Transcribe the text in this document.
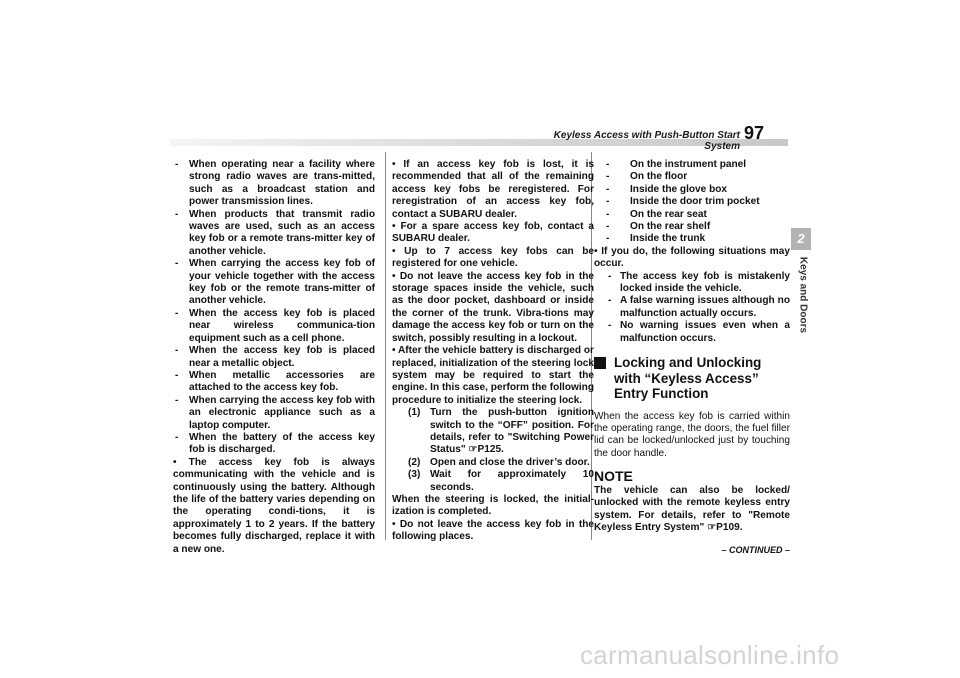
Keyless Access with Push-Button Start System
97
2
Keys and Doors
-	When operating near a facility where strong radio waves are trans-mitted, such as a broadcast station and power transmission lines.
-	When products that transmit radio waves are used, such as an access key fob or a remote trans-mitter key of another vehicle.
-	When carrying the access key fob of your vehicle together with the access key fob or the remote trans-mitter of another vehicle.
-	When the access key fob is placed near wireless communica-tion equipment such as a cell phone.
-	When the access key fob is placed near a metallic object.
-	When metallic accessories are attached to the access key fob.
-	When carrying the access key fob with an electronic appliance such as a laptop computer.
-	When the battery of the access key fob is discharged.

• The access key fob is always communicating with the vehicle and is continuously using the battery. Although the life of the battery varies depending on the operating condi-tions, it is approximately 1 to 2 years. If the battery becomes fully discharged, replace it with a new one.

• If an access key fob is lost, it is recommended that all of the remaining access key fobs be reregistered. For reregistration of an access key fob, contact a SUBARU dealer.

• For a spare access key fob, contact a SUBARU dealer.

• Up to 7 access key fobs can be registered for one vehicle.

• Do not leave the access key fob in the storage spaces inside the vehicle, such as the door pocket, dashboard or inside the corner of the trunk. Vibra-tions may damage the access key fob or turn on the switch, possibly resulting in a lockout.

• After the vehicle battery is discharged or replaced, initialization of the steering lock system may be required to start the engine. In this case, perform the following procedure to initialize the steering lock.

(1) Turn the push-button ignition switch to the “OFF” position. For details, refer to "Switching Power Status" ☞P125.
(2) Open and close the driver’s door.
(3) Wait for approximately 10 seconds.

When the steering is locked, the initial-ization is completed.

• Do not leave the access key fob in the following places.

-	On the instrument panel
-	On the floor
-	Inside the glove box
-	Inside the door trim pocket
-	On the rear seat
-	On the rear shelf
-	Inside the trunk

• If you do, the following situations may occur.

- The access key fob is mistakenly locked inside the vehicle.
- A false warning issues although no malfunction actually occurs.
- No warning issues even when a malfunction occurs.
Locking and Unlocking with “Keyless Access” Entry Function

When the access key fob is carried within the operating range, the doors, the fuel filler lid can be locked/unlocked just by touching the door handle.

NOTE

The vehicle can also be locked/ unlocked with the remote keyless entry system. For details, refer to "Remote Keyless Entry System" ☞P109.

– CONTINUED –
carmanualsonline.info
